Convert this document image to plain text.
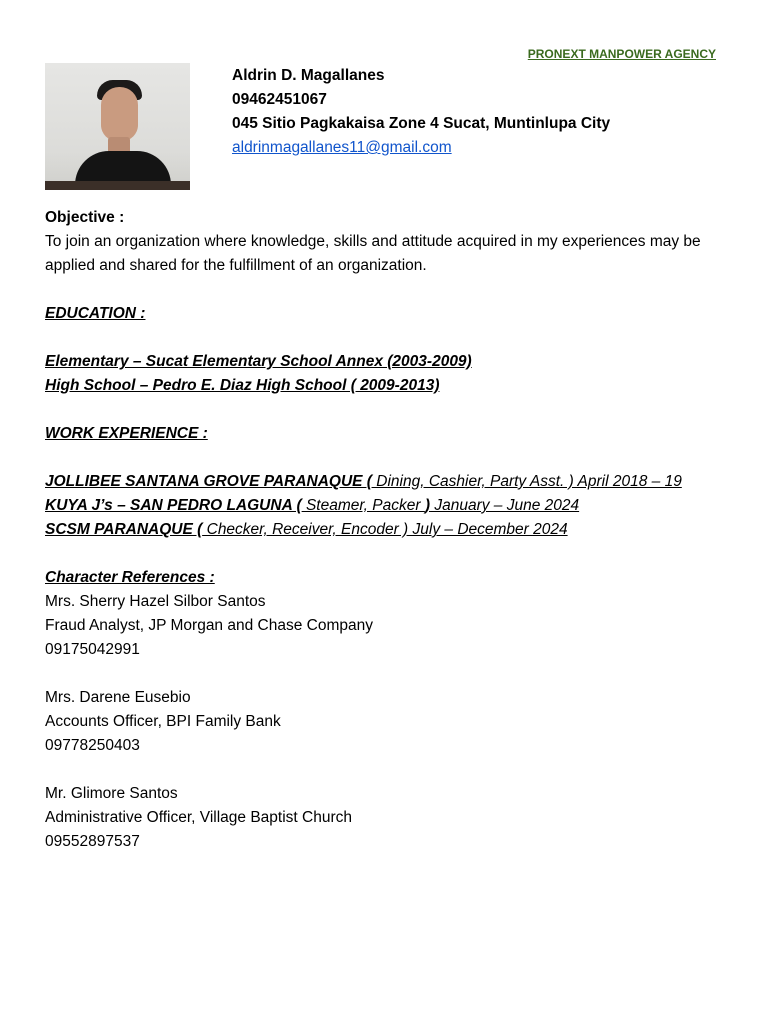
PRONEXT MANPOWER AGENCY
Aldrin D. Magallanes
09462451067
045 Sitio Pagkakaisa Zone 4 Sucat, Muntinlupa City
aldrinmagallanes11@gmail.com
Objective :
To join an organization where knowledge, skills and attitude acquired in my experiences may be applied and shared for the fulfillment of an organization.
EDUCATION :
Elementary – Sucat Elementary School Annex (2003-2009)
High School – Pedro E. Diaz High School ( 2009-2013)
WORK EXPERIENCE :
JOLLIBEE SANTANA GROVE PARANAQUE ( Dining, Cashier, Party Asst. ) April 2018 – 19
KUYA J’s – SAN PEDRO LAGUNA ( Steamer, Packer ) January – June 2024
SCSM PARANAQUE ( Checker, Receiver, Encoder ) July – December 2024
Character References :
Mrs. Sherry Hazel Silbor Santos
Fraud Analyst, JP Morgan and Chase Company
09175042991
Mrs. Darene Eusebio
Accounts Officer, BPI Family Bank
09778250403
Mr. Glimore Santos
Administrative Officer, Village Baptist Church
09552897537
